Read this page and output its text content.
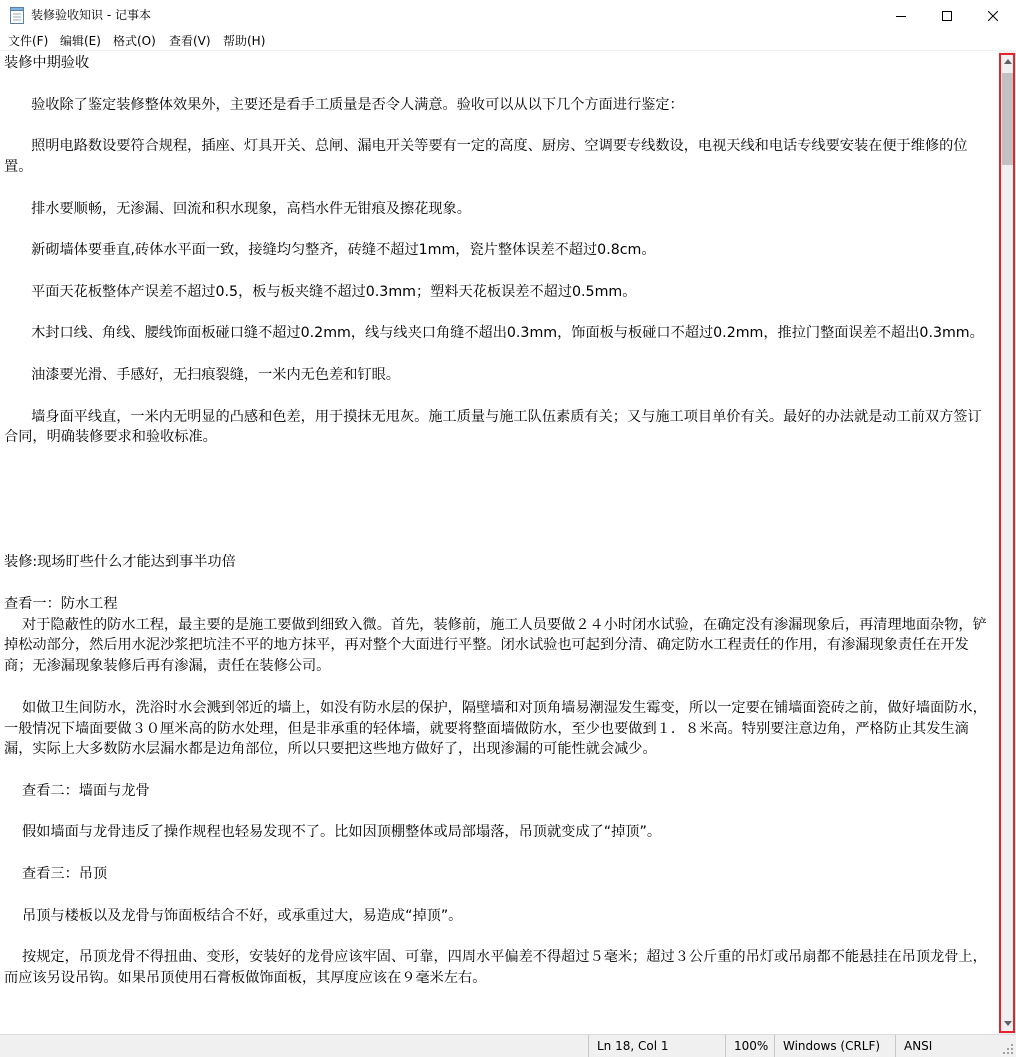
装修验收知识 - 记事本
文件(F) 编辑(E) 格式(O) 查看(V) 帮助(H)
装修中期验收
验收除了鉴定装修整体效果外，主要还是看手工质量是否令人满意。验收可以从以下几个方面进行鉴定：
照明电路数设要符合规程，插座、灯具开关、总闸、漏电开关等要有一定的高度、厨房、空调要专线数设，电视天线和电话专线要安装在便于维修的位置。
排水要顺畅，无渗漏、回流和积水现象，高档水件无钳痕及擦花现象。
新砌墙体要垂直,砖体水平面一致，接缝均匀整齐，砖缝不超过1mm，瓷片整体误差不超过0.8cm。
平面天花板整体产误差不超过0.5，板与板夹缝不超过0.3mm；塑料天花板误差不超过0.5mm。
木封口线、角线、腰线饰面板碰口缝不超过0.2mm，线与线夹口角缝不超出0.3mm，饰面板与板碰口不超过0.2mm，推拉门整面误差不超出0.3mm。
油漆要光滑、手感好，无扫痕裂缝，一米内无色差和钉眼。
墙身面平线直，一米内无明显的凸感和色差，用于摸抹无甩灰。施工质量与施工队伍素质有关；又与施工项目单价有关。最好的办法就是动工前双方签订合同，明确装修要求和验收标准。
装修:现场盯些什么才能达到事半功倍
查看一：防水工程
对于隐蔽性的防水工程，最主要的是施工要做到细致入微。首先，装修前，施工人员要做２４小时闭水试验，在确定没有渗漏现象后，再清理地面杂物，铲掉松动部分，然后用水泥沙浆把坑洼不平的地方抹平，再对整个大面进行平整。闭水试验也可起到分清、确定防水工程责任的作用，有渗漏现象责任在开发商；无渗漏现象装修后再有渗漏，责任在装修公司。
如做卫生间防水，洗浴时水会溅到邻近的墙上，如没有防水层的保护，隔壁墙和对顶角墙易潮湿发生霉变，所以一定要在铺墙面瓷砖之前，做好墙面防水，一般情况下墙面要做３０厘米高的防水处理，但是非承重的轻体墙，就要将整面墙做防水，至少也要做到１．８米高。特别要注意边角，严格防止其发生滴漏，实际上大多数防水层漏水都是边角部位，所以只要把这些地方做好了，出现渗漏的可能性就会减少。
查看二：墙面与龙骨
假如墙面与龙骨违反了操作规程也轻易发现不了。比如因顶棚整体或局部塌落，吊顶就变成了“掉顶”。
查看三：吊顶
吊顶与楼板以及龙骨与饰面板结合不好，或承重过大，易造成“掉顶”。
按规定，吊顶龙骨不得扭曲、变形，安装好的龙骨应该牢固、可靠，四周水平偏差不得超过５毫米；超过３公斤重的吊灯或吊扇都不能悬挂在吊顶龙骨上，而应该另设吊钩。如果吊顶使用石膏板做饰面板，其厚度应该在９毫米左右。
Ln 18, Col 1	100%	Windows (CRLF)	ANSI
